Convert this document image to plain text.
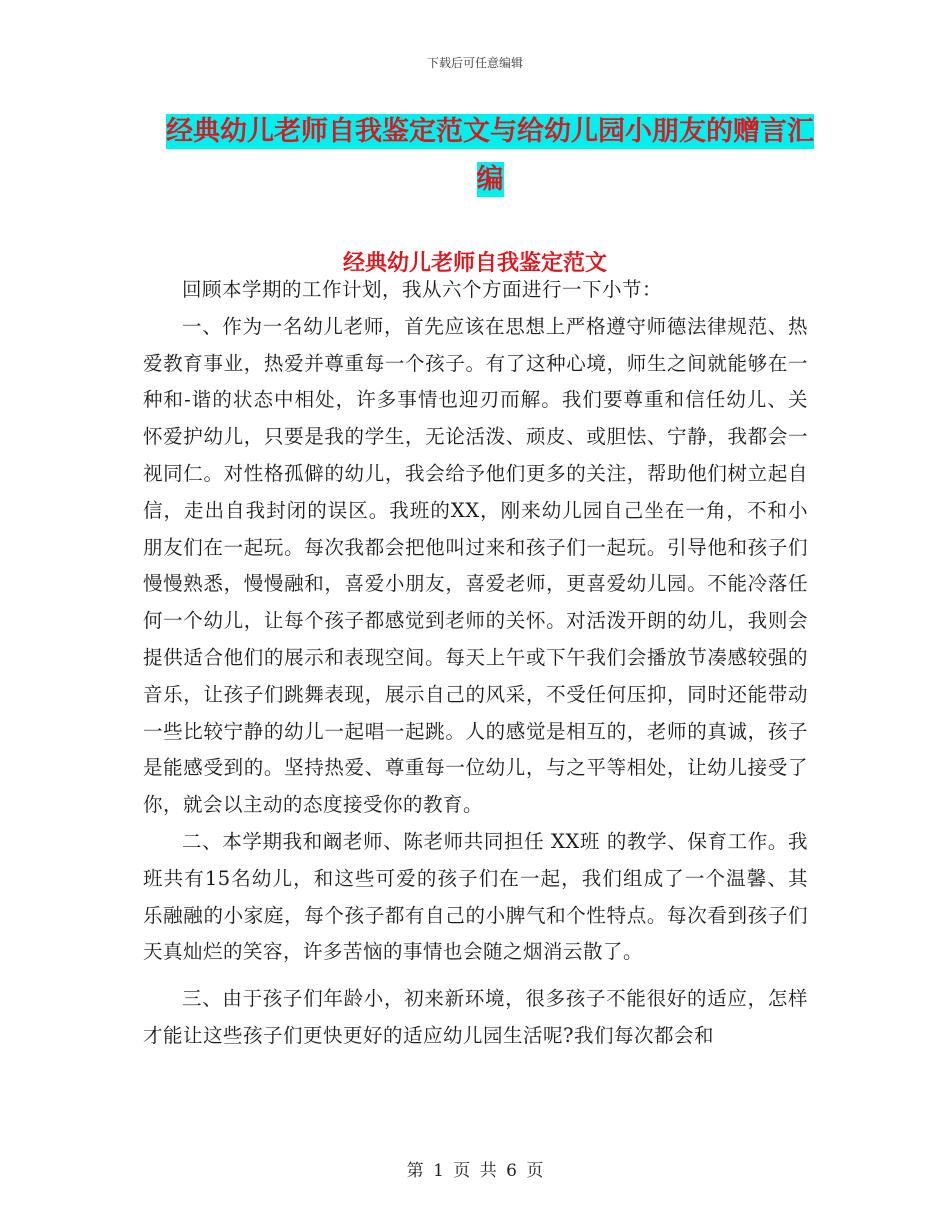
下载后可任意编辑
经典幼儿老师自我鉴定范文与给幼儿园小朋友的赠言汇编
经典幼儿老师自我鉴定范文

回顾本学期的工作计划，我从六个方面进行一下小节：

一、作为一名幼儿老师，首先应该在思想上严格遵守师德法律规范、热爱教育事业，热爱并尊重每一个孩子。有了这种心境，师生之间就能够在一种和-谐的状态中相处，许多事情也迎刃而解。我们要尊重和信任幼儿、关怀爱护幼儿，只要是我的学生，无论活泼、顽皮、或胆怯、宁静，我都会一视同仁。对性格孤僻的幼儿，我会给予他们更多的关注，帮助他们树立起自信，走出自我封闭的误区。我班的XX，刚来幼儿园自己坐在一角，不和小朋友们在一起玩。每次我都会把他叫过来和孩子们一起玩。引导他和孩子们慢慢熟悉，慢慢融和，喜爱小朋友，喜爱老师，更喜爱幼儿园。不能冷落任何一个幼儿，让每个孩子都感觉到老师的关怀。对活泼开朗的幼儿，我则会提供适合他们的展示和表现空间。每天上午或下午我们会播放节凑感较强的音乐，让孩子们跳舞表现，展示自己的风采，不受任何压抑，同时还能带动一些比较宁静的幼儿一起唱一起跳。人的感觉是相互的，老师的真诚，孩子是能感受到的。坚持热爱、尊重每一位幼儿，与之平等相处，让幼儿接受了你，就会以主动的态度接受你的教育。

二、本学期我和阚老师、陈老师共同担任 XX班 的教学、保育工作。我班共有15名幼儿，和这些可爱的孩子们在一起，我们组成了一个温馨、其乐融融的小家庭，每个孩子都有自己的小脾气和个性特点。每次看到孩子们天真灿烂的笑容，许多苦恼的事情也会随之烟消云散了。

三、由于孩子们年龄小，初来新环境，很多孩子不能很好的适应，怎样才能让这些孩子们更快更好的适应幼儿园生活呢?我们每次都会和

第 1 页 共 6 页
